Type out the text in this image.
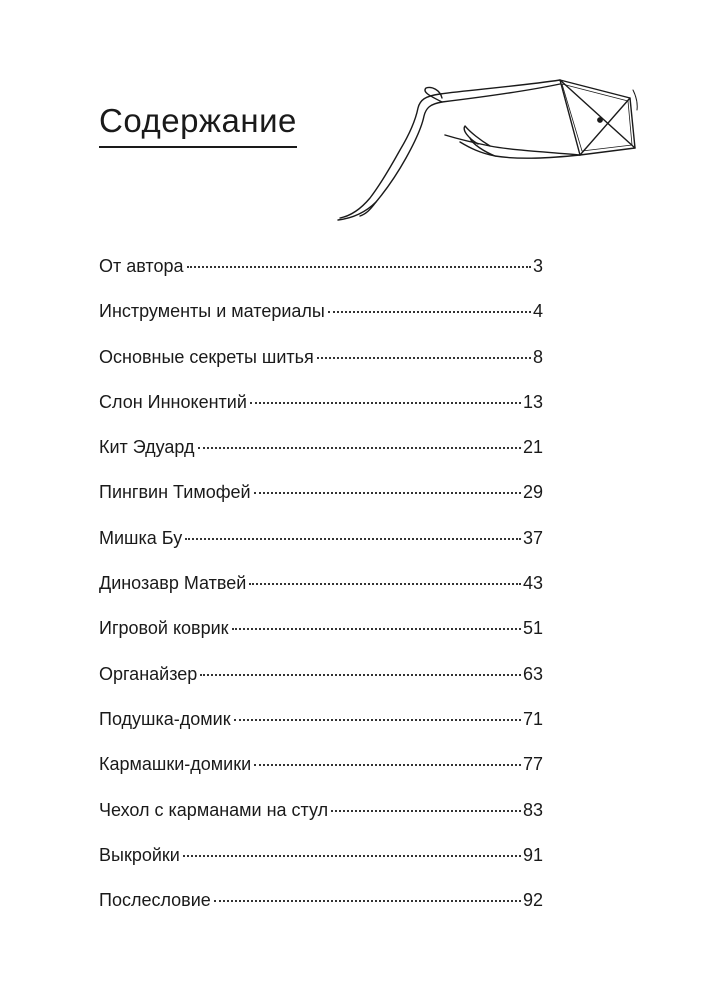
Содержание
От автора	3
Инструменты и материалы	4
Основные секреты шитья	8
Слон Иннокентий	13
Кит Эдуард	21
Пингвин Тимофей	29
Мишка Бу	37
Динозавр Матвей	43
Игровой коврик	51
Органайзер	63
Подушка-домик	71
Кармашки-домики	77
Чехол с карманами на стул	83
Выкройки	91
Послесловие	92
